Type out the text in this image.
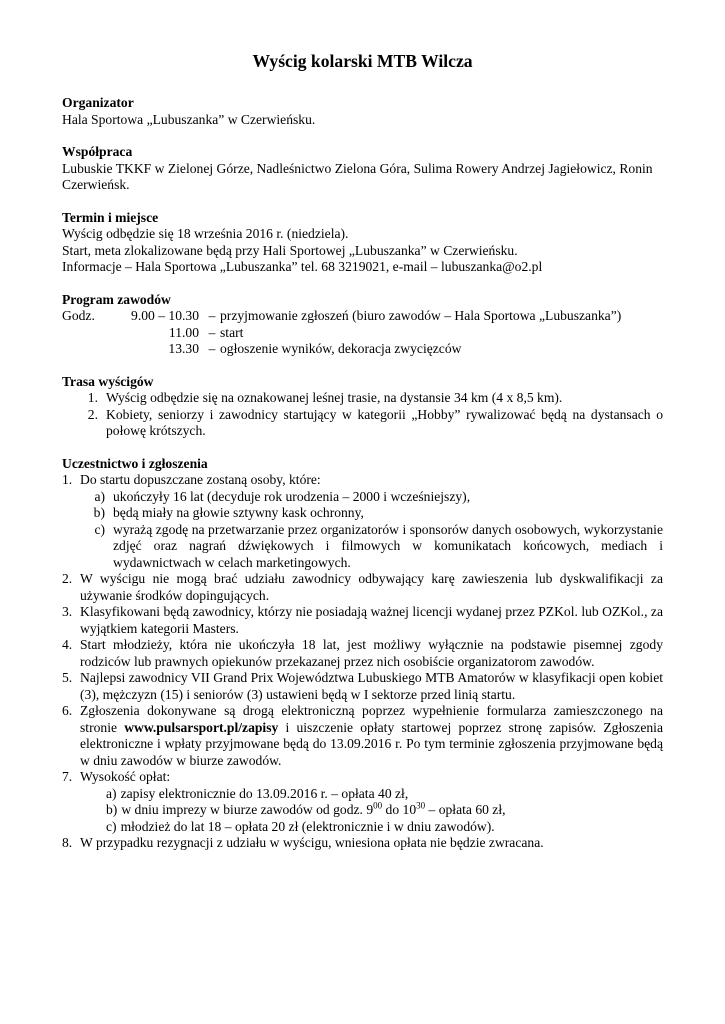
Wyścig kolarski MTB Wilcza

Organizator

Hala Sportowa „Lubuszanka” w Czerwieńsku.

Współpraca

Lubuskie TKKF w Zielonej Górze, Nadleśnictwo Zielona Góra, Sulima Rowery Andrzej Jagiełowicz, Ronin Czerwieńsk.

Termin i miejsce

Wyścig odbędzie się 18 września 2016 r. (niedziela).

Start, meta zlokalizowane będą przy Hali Sportowej „Lubuszanka” w Czerwieńsku.

Informacje – Hala Sportowa „Lubuszanka” tel. 68 3219021, e-mail – lubuszanka@o2.pl

Program zawodów

Godz.	9.00 – 10.30 – przyjmowanie zgłoszeń (biuro zawodów – Hala Sportowa „Lubuszanka”)
11.00 – start
13.30 – ogłoszenie wyników, dekoracja zwycięzców

Trasa wyścigów

1. Wyścig odbędzie się na oznakowanej leśnej trasie, na dystansie 34 km (4 x 8,5 km).
2. Kobiety, seniorzy i zawodnicy startujący w kategorii „Hobby” rywalizować będą na dystansach o połowę krótszych.

Uczestnictwo i zgłoszenia

1. Do startu dopuszczane zostaną osoby, które:
a) ukończyły 16 lat (decyduje rok urodzenia – 2000 i wcześniejszy),
b) będą miały na głowie sztywny kask ochronny,
c) wyrażą zgodę na przetwarzanie przez organizatorów i sponsorów danych osobowych, wykorzystanie zdjęć oraz nagrań dźwiękowych i filmowych w komunikatach końcowych, mediach i wydawnictwach w celach marketingowych.
2. W wyścigu nie mogą brać udziału zawodnicy odbywający karę zawieszenia lub dyskwalifikacji za używanie środków dopingujących.
3. Klasyfikowani będą zawodnicy, którzy nie posiadają ważnej licencji wydanej przez PZKol. lub OZKol., za wyjątkiem kategorii Masters.
4. Start młodzieży, która nie ukończyła 18 lat, jest możliwy wyłącznie na podstawie pisemnej zgody rodziców lub prawnych opiekunów przekazanej przez nich osobiście organizatorom zawodów.
5. Najlepsi zawodnicy VII Grand Prix Województwa Lubuskiego MTB Amatorów w klasyfikacji open kobiet (3), mężczyzn (15) i seniorów (3) ustawieni będą w I sektorze przed linią startu.
6. Zgłoszenia dokonywane są drogą elektroniczną poprzez wypełnienie formularza zamieszczonego na stronie www.pulsarsport.pl/zapisy i uiszczenie opłaty startowej poprzez stronę zapisów. Zgłoszenia elektroniczne i wpłaty przyjmowane będą do 13.09.2016 r. Po tym terminie zgłoszenia przyjmowane będą w dniu zawodów w biurze zawodów.
7. Wysokość opłat:
a) zapisy elektronicznie do 13.09.2016 r. – opłata 40 zł,
b) w dniu imprezy w biurze zawodów od godz. $9^{00}$ do $10^{30}$ – opłata 60 zł,
c) młodzież do lat 18 – opłata 20 zł (elektronicznie i w dniu zawodów).
8. W przypadku rezygnacji z udziału w wyścigu, wniesiona opłata nie będzie zwracana.
